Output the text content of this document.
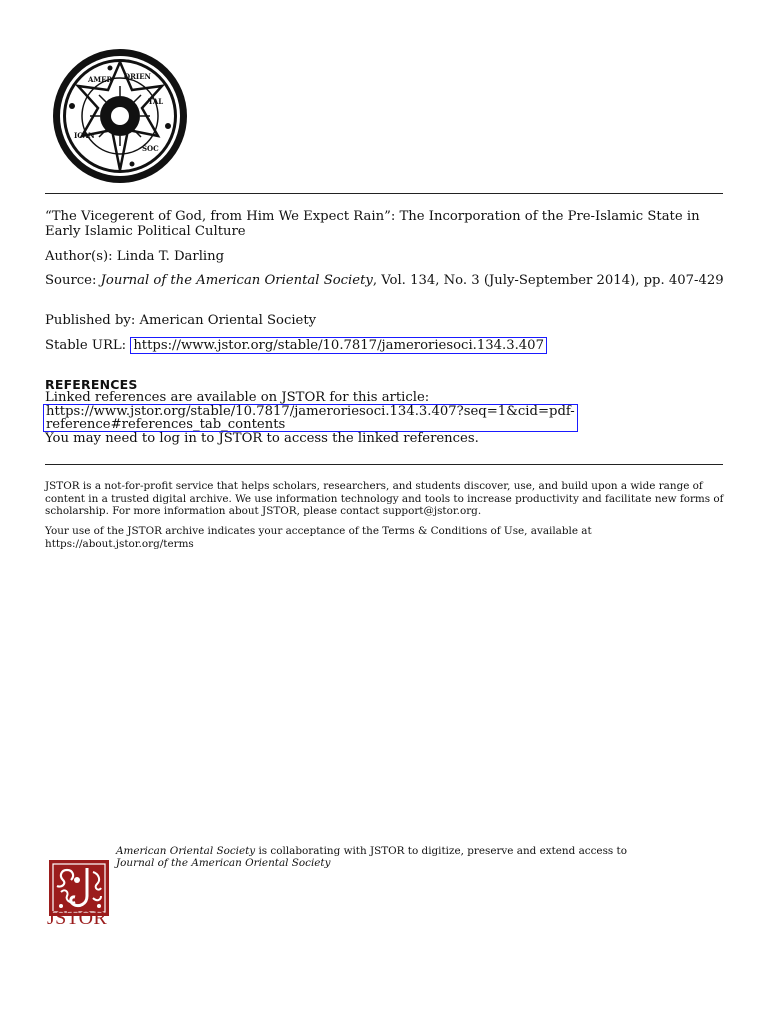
AMER ORIEN
TAL
SOC
ICAN
“The Vicegerent of God, from Him We Expect Rain”: The Incorporation of the Pre-Islamic State in Early Islamic Political Culture
Author(s): Linda T. Darling
Source: Journal of the American Oriental Society, Vol. 134, No. 3 (July-September 2014), pp. 407-429
Published by: American Oriental Society
Stable URL: https://www.jstor.org/stable/10.7817/jameroriesoci.134.3.407
REFERENCES
Linked references are available on JSTOR for this article:
https://www.jstor.org/stable/10.7817/jameroriesoci.134.3.407?seq=1&cid=pdf-
reference#references_tab_contents
You may need to log in to JSTOR to access the linked references.
JSTOR is a not-for-profit service that helps scholars, researchers, and students discover, use, and build upon a wide range of content in a trusted digital archive. We use information technology and tools to increase productivity and facilitate new forms of scholarship. For more information about JSTOR, please contact support@jstor.org.
Your use of the JSTOR archive indicates your acceptance of the Terms & Conditions of Use, available at https://about.jstor.org/terms
JSTOR
American Oriental Society is collaborating with JSTOR to digitize, preserve and extend access to
Journal of the American Oriental Society
